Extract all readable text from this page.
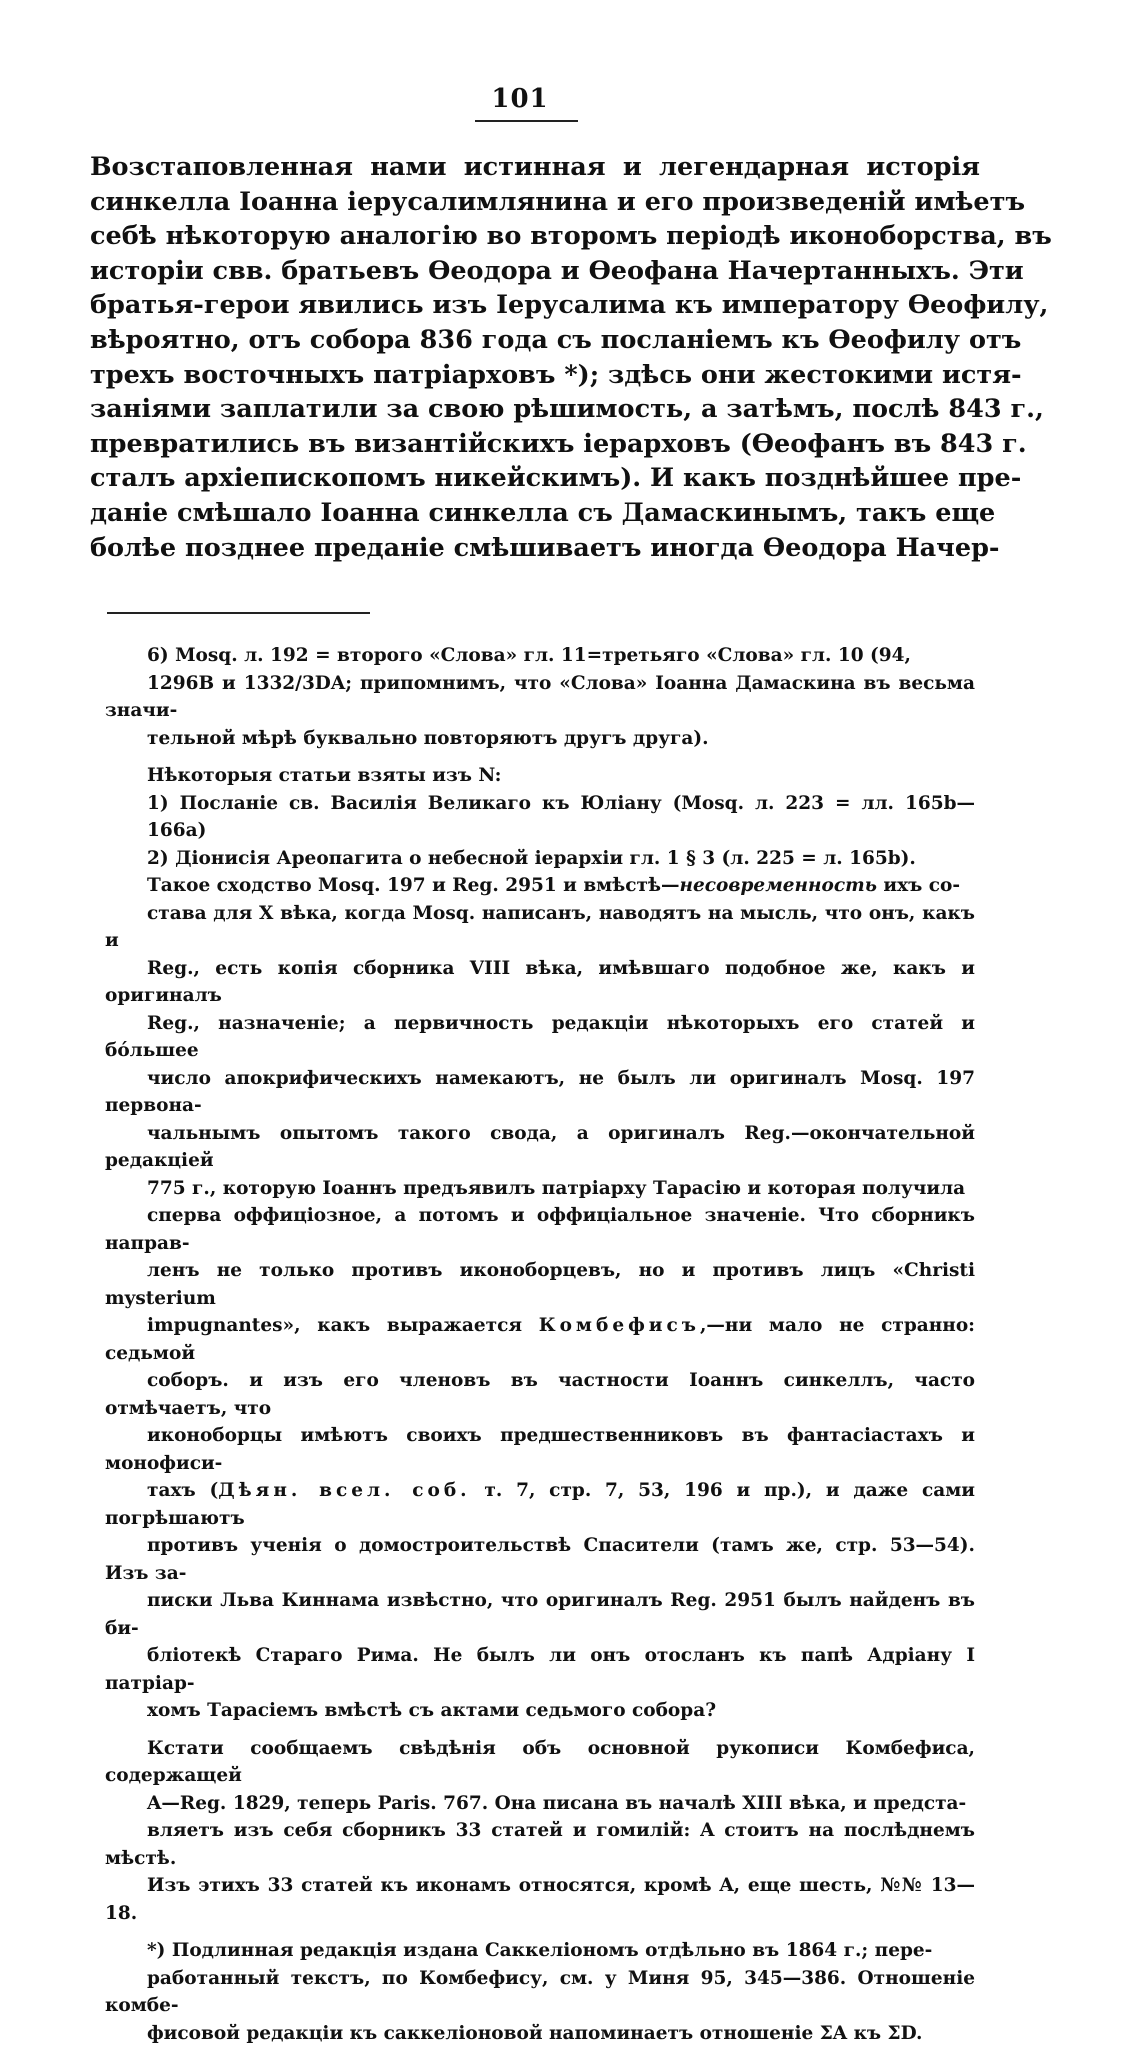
101
Возстаповленная нами истинная и легендарная исторія
синкелла Іоанна іерусалимлянина и его произведеній имѣетъ
себѣ нѣкоторую аналогію во второмъ періодѣ иконоборства, въ
исторіи свв. братьевъ Ѳеодора и Ѳеофана Начертанныхъ. Эти
братья-герои явились изъ Іерусалима къ императору Ѳеофилу,
вѣроятно, отъ собора 836 года съ посланіемъ къ Ѳеофилу отъ
трехъ восточныхъ патріарховъ *); здѣсь они жестокими истя-
заніями заплатили за свою рѣшимость, а затѣмъ, послѣ 843 г.,
превратились въ византійскихъ іерарховъ (Ѳеофанъ въ 843 г.
сталъ архіепископомъ никейскимъ). И какъ позднѣйшее пре-
даніе смѣшало Іоанна синкелла съ Дамаскинымъ, такъ еще
болѣе позднее преданіе смѣшиваетъ иногда Ѳеодора Начер-
6) Mosq. л. 192 = второго «Слова» гл. 11=третьяго «Слова» гл. 10 (94,
1296B и 1332/3DA; припомнимъ, что «Слова» Іоанна Дамаскина въ весьма значи-
тельной мѣрѣ буквально повторяютъ другъ друга).
Нѣкоторыя статьи взяты изъ N:
1) Посланіе св. Василія Великаго къ Юліану (Mosq. л. 223 = лл. 165b—166a)
2) Діонисія Ареопагита о небесной іерархіи гл. 1 § 3 (л. 225 = л. 165b).
Такое сходство Mosq. 197 и Reg. 2951 и вмѣстѣ—несовременность ихъ со-
става для X вѣка, когда Mosq. написанъ, наводятъ на мысль, что онъ, какъ и
Reg., есть копія сборника VIII вѣка, имѣвшаго подобное же, какъ и оригиналъ
Reg., назначеніе; а первичность редакціи нѣкоторыхъ его статей и бóльшее
число апокрифическихъ намекаютъ, не былъ ли оригиналъ Mosq. 197 первона-
чальнымъ опытомъ такого свода, а оригиналъ Reg.—окончательной редакціей
775 г., которую Іоаннъ предъявилъ патріарху Тарасію и которая получила
сперва оффиціозное, а потомъ и оффиціальное значеніе. Что сборникъ направ-
ленъ не только противъ иконоборцевъ, но и противъ лицъ «Christi mysterium
impugnantes», какъ выражается Комбефисъ,—ни мало не странно: седьмой
соборъ. и изъ его членовъ въ частности Іоаннъ синкеллъ, часто отмѣчаетъ, что
иконоборцы имѣютъ своихъ предшественниковъ въ фантасіастахъ и монофиси-
тахъ (Дѣян. всел. соб. т. 7, стр. 7, 53, 196 и пр.), и даже сами погрѣшаютъ
противъ ученія о домостроительствѣ Спасители (тамъ же, стр. 53—54). Изъ за-
писки Льва Киннама извѣстно, что оригиналъ Reg. 2951 былъ найденъ въ би-
бліотекѣ Стараго Рима. Не былъ ли онъ отосланъ къ папѣ Адріану I патріар-
хомъ Тарасіемъ вмѣстѣ съ актами седьмого собора?
Кстати сообщаемъ свѣдѣнія объ основной рукописи Комбефиса, содержащей
A—Reg. 1829, теперь Paris. 767. Она писана въ началѣ XIII вѣка, и предста-
вляетъ изъ себя сборникъ 33 статей и гомилій: A стоитъ на послѣднемъ мѣстѣ.
Изъ этихъ 33 статей къ иконамъ относятся, кромѣ A, еще шесть, №№ 13—18.
*) Подлинная редакція издана Саккеліономъ отдѣльно въ 1864 г.; пере-
работанный текстъ, по Комбефису, см. у Миня 95, 345—386. Отношеніе комбе-
фисовой редакціи къ саккеліоновой напоминаетъ отношеніе ΣA къ ΣD.
